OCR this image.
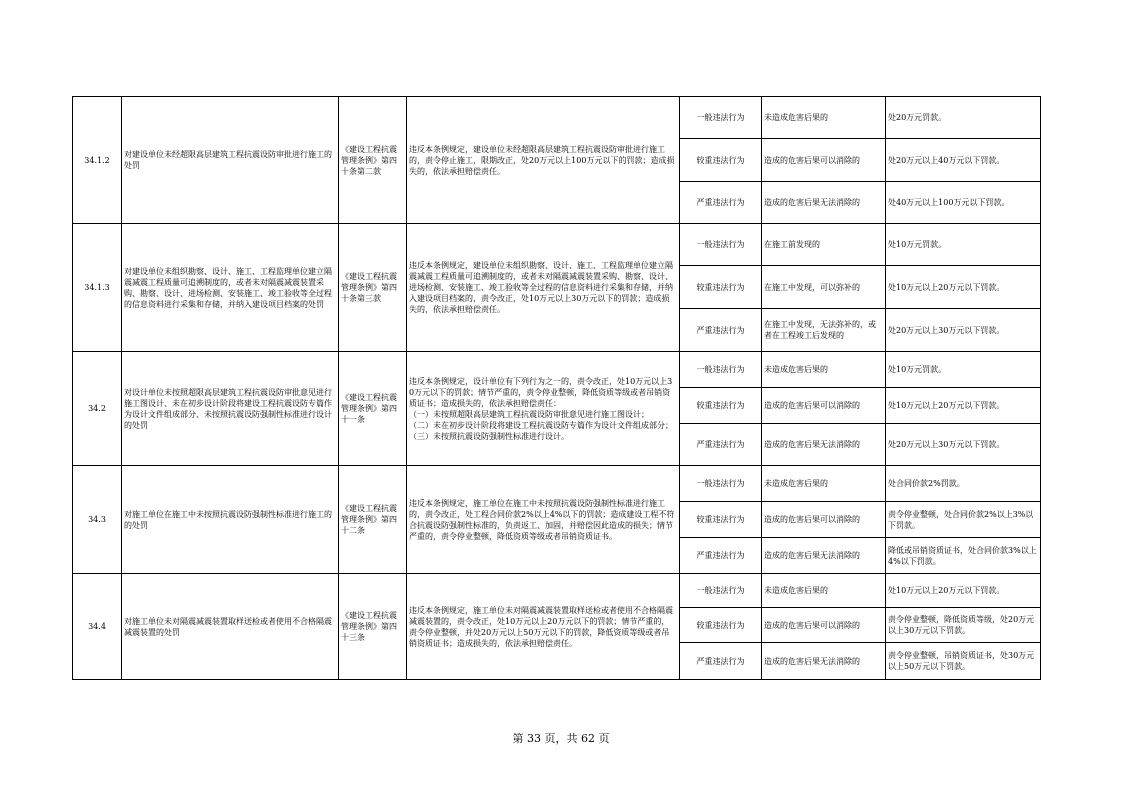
34.1.2	对建设单位未经超限高层建筑工程抗震设防审批进行施工的处罚	《建设工程抗震管理条例》第四十条第二款	违反本条例规定，建设单位未经超限高层建筑工程抗震设防审批进行施工的，责令停止施工，限期改正，处20万元以上100万元以下的罚款；造成损失的，依法承担赔偿责任。	一般违法行为	未造成危害后果的	处20万元罚款。
				较重违法行为	造成的危害后果可以消除的	处20万元以上40万元以下罚款。
				严重违法行为	造成的危害后果无法消除的	处40万元以上100万元以下罚款。
34.1.3	对建设单位未组织勘察、设计、施工、工程监理单位建立隔震减震工程质量可追溯制度的，或者未对隔震减震装置采购、勘察、设计、进场检测、安装施工、竣工验收等全过程的信息资料进行采集和存储，并纳入建设项目档案的处罚	《建设工程抗震管理条例》第四十条第三款	违反本条例规定，建设单位未组织勘察、设计、施工、工程监理单位建立隔震减震工程质量可追溯制度的，或者未对隔震减震装置采购、勘察、设计、进场检测、安装施工、竣工验收等全过程的信息资料进行采集和存储，并纳入建设项目档案的，责令改正，处10万元以上30万元以下的罚款；造成损失的，依法承担赔偿责任。	一般违法行为	在施工前发现的	处10万元罚款。
				较重违法行为	在施工中发现，可以弥补的	处10万元以上20万元以下罚款。
				严重违法行为	在施工中发现，无法弥补的，或者在工程竣工后发现的	处20万元以上30万元以下罚款。
34.2	对设计单位未按照超限高层建筑工程抗震设防审批意见进行施工图设计、未在初步设计阶段将建设工程抗震设防专篇作为设计文件组成部分、未按照抗震设防强制性标准进行设计的处罚	《建设工程抗震管理条例》第四十一条	违反本条例规定，设计单位有下列行为之一的，责令改正，处10万元以上30万元以下的罚款；情节严重的，责令停业整顿，降低资质等级或者吊销资质证书；造成损失的，依法承担赔偿责任：
（一）未按照超限高层建筑工程抗震设防审批意见进行施工图设计；
（二）未在初步设计阶段将建设工程抗震设防专篇作为设计文件组成部分；
（三）未按照抗震设防强制性标准进行设计。	一般违法行为	未造成危害后果的	处10万元罚款。
				较重违法行为	造成的危害后果可以消除的	处10万元以上20万元以下罚款。
				严重违法行为	造成的危害后果无法消除的	处20万元以上30万元以下罚款。
34.3	对施工单位在施工中未按照抗震设防强制性标准进行施工的的处罚	《建设工程抗震管理条例》第四十二条	违反本条例规定，施工单位在施工中未按照抗震设防强制性标准进行施工的，责令改正，处工程合同价款2%以上4%以下的罚款；造成建设工程不符合抗震设防强制性标准的，负责返工、加固，并赔偿因此造成的损失；情节严重的，责令停业整顿，降低资质等级或者吊销资质证书。	一般违法行为	未造成危害后果的	处合同价款2%罚款。
				较重违法行为	造成的危害后果可以消除的	责令停业整顿，处合同价款2%以上3%以下罚款。
				严重违法行为	造成的危害后果无法消除的	降低或吊销资质证书，处合同价款3%以上4%以下罚款。
34.4	对施工单位未对隔震减震装置取样送检或者使用不合格隔震减震装置的处罚	《建设工程抗震管理条例》第四十三条	违反本条例规定，施工单位未对隔震减震装置取样送检或者使用不合格隔震减震装置的，责令改正，处10万元以上20万元以下的罚款；情节严重的，责令停业整顿，并处20万元以上50万元以下的罚款，降低资质等级或者吊销资质证书；造成损失的，依法承担赔偿责任。	一般违法行为	未造成危害后果的	处10万元以上20万元以下罚款。
				较重违法行为	造成的危害后果可以消除的	责令停业整顿，降低资质等级，处20万元以上30万元以下罚款。
				严重违法行为	造成的危害后果无法消除的	责令停业整顿，吊销资质证书，处30万元以上50万元以下罚款。
第 33 页，共 62 页
